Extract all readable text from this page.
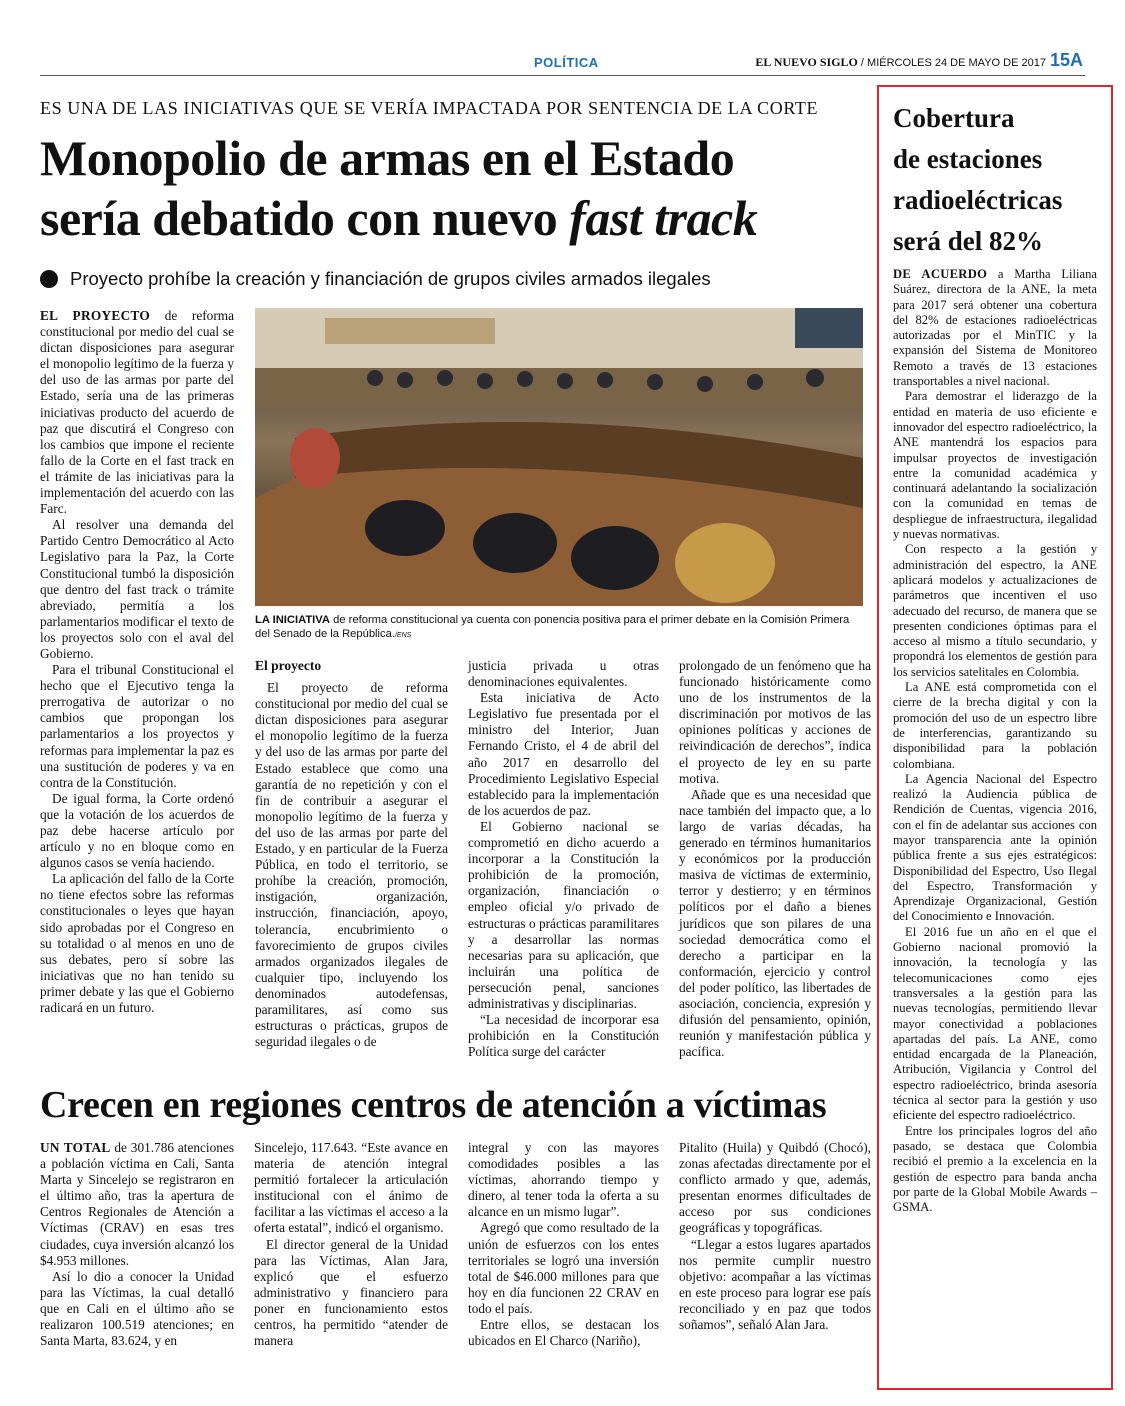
POLÍTICA	EL NUEVO SIGLO / MIÉRCOLES 24 DE MAYO DE 2017 15A
ES UNA DE LAS INICIATIVAS QUE SE VERÍA IMPACTADA POR SENTENCIA DE LA CORTE
Monopolio de armas en el Estado
sería debatido con nuevo fast track
Proyecto prohíbe la creación y financiación de grupos civiles armados ilegales

EL PROYECTO de reforma constitucional por medio del cual se dictan disposiciones para asegurar el monopolio legítimo de la fuerza y del uso de las armas por parte del Estado, sería una de las primeras iniciativas producto del acuerdo de paz que discutirá el Congreso con los cambios que impone el reciente fallo de la Corte en el fast track en el trámite de las iniciativas para la implementación del acuerdo con las Farc.

Al resolver una demanda del Partido Centro Democrático al Acto Legislativo para la Paz, la Corte Constitucional tumbó la disposición que dentro del fast track o trámite abreviado, permitía a los parlamentarios modificar el texto de los proyectos solo con el aval del Gobierno.

Para el tribunal Constitucional el hecho que el Ejecutivo tenga la prerrogativa de autorizar o no cambios que propongan los parlamentarios a los proyectos y reformas para implementar la paz es una sustitución de poderes y va en contra de la Constitución.

De igual forma, la Corte ordenó que la votación de los acuerdos de paz debe hacerse artículo por artículo y no en bloque como en algunos casos se venía haciendo.

La aplicación del fallo de la Corte no tiene efectos sobre las reformas constitucionales o leyes que hayan sido aprobadas por el Congreso en su totalidad o al menos en uno de sus debates, pero sí sobre las iniciativas que no han tenido su primer debate y las que el Gobierno radicará en un futuro.

LA INICIATIVA de reforma constitucional ya cuenta con ponencia positiva para el primer debate en la Comisión Primera del Senado de la República./ENS
El proyecto

El proyecto de reforma constitucional por medio del cual se dictan disposiciones para asegurar el monopolio legítimo de la fuerza y del uso de las armas por parte del Estado establece que como una garantía de no repetición y con el fin de contribuir a asegurar el monopolio legítimo de la fuerza y del uso de las armas por parte del Estado, y en particular de la Fuerza Pública, en todo el territorio, se prohíbe la creación, promoción, instigación, organización, instrucción, financiación, apoyo, tolerancia, encubrimiento o favorecimiento de grupos civiles armados organizados ilegales de cualquier tipo, incluyendo los denominados autodefensas, paramilitares, así como sus estructuras o prácticas, grupos de seguridad ilegales o de

justicia privada u otras denominaciones equivalentes.

Esta iniciativa de Acto Legislativo fue presentada por el ministro del Interior, Juan Fernando Cristo, el 4 de abril del año 2017 en desarrollo del Procedimiento Legislativo Especial establecido para la implementación de los acuerdos de paz.

El Gobierno nacional se comprometió en dicho acuerdo a incorporar a la Constitución la prohibición de la promoción, organización, financiación o empleo oficial y/o privado de estructuras o prácticas paramilitares y a desarrollar las normas necesarias para su aplicación, que incluirán una política de persecución penal, sanciones administrativas y disciplinarias.

“La necesidad de incorporar esa prohibición en la Constitución Política surge del carácter

prolongado de un fenómeno que ha funcionado históricamente como uno de los instrumentos de la discriminación por motivos de las opiniones políticas y acciones de reivindicación de derechos”, indica el proyecto de ley en su parte motiva.

Añade que es una necesidad que nace también del impacto que, a lo largo de varias décadas, ha generado en términos humanitarios y económicos por la producción masiva de víctimas de exterminio, terror y destierro; y en términos políticos por el daño a bienes jurídicos que son pilares de una sociedad democrática como el derecho a participar en la conformación, ejercicio y control del poder político, las libertades de asociación, conciencia, expresión y difusión del pensamiento, opinión, reunión y manifestación pública y pacífica.

Crecen en regiones centros de atención a víctimas

UN TOTAL de 301.786 atenciones a población víctima en Cali, Santa Marta y Sincelejo se registraron en el último año, tras la apertura de Centros Regionales de Atención a Víctimas (CRAV) en esas tres ciudades, cuya inversión alcanzó los $4.953 millones.

Así lo dio a conocer la Unidad para las Víctimas, la cual detalló que en Cali en el último año se realizaron 100.519 atenciones; en Santa Marta, 83.624, y en

Sincelejo, 117.643. “Este avance en materia de atención integral permitió fortalecer la articulación institucional con el ánimo de facilitar a las víctimas el acceso a la oferta estatal”, indicó el organismo.

El director general de la Unidad para las Víctimas, Alan Jara, explicó que el esfuerzo administrativo y financiero para poner en funcionamiento estos centros, ha permitido “atender de manera

integral y con las mayores comodidades posibles a las víctimas, ahorrando tiempo y dinero, al tener toda la oferta a su alcance en un mismo lugar”.

Agregó que como resultado de la unión de esfuerzos con los entes territoriales se logró una inversión total de $46.000 millones para que hoy en día funcionen 22 CRAV en todo el país.

Entre ellos, se destacan los ubicados en El Charco (Nariño),

Pitalito (Huila) y Quibdó (Chocó), zonas afectadas directamente por el conflicto armado y que, además, presentan enormes dificultades de acceso por sus condiciones geográficas y topográficas.

“Llegar a estos lugares apartados nos permite cumplir nuestro objetivo: acompañar a las víctimas en este proceso para lograr ese país reconciliado y en paz que todos soñamos”, señaló Alan Jara.

Cobertura
de estaciones
radioeléctricas
será del 82%

DE ACUERDO a Martha Liliana Suárez, directora de la ANE, la meta para 2017 será obtener una cobertura del 82% de estaciones radioeléctricas autorizadas por el MinTIC y la expansión del Sistema de Monitoreo Remoto a través de 13 estaciones transportables a nivel nacional.

Para demostrar el liderazgo de la entidad en materia de uso eficiente e innovador del espectro radioeléctrico, la ANE mantendrá los espacios para impulsar proyectos de investigación entre la comunidad académica y continuará adelantando la socialización con la comunidad en temas de despliegue de infraestructura, ilegalidad y nuevas normativas.

Con respecto a la gestión y administración del espectro, la ANE aplicará modelos y actualizaciones de parámetros que incentiven el uso adecuado del recurso, de manera que se presenten condiciones óptimas para el acceso al mismo a título secundario, y propondrá los elementos de gestión para los servicios satelitales en Colombia.

La ANE está comprometida con el cierre de la brecha digital y con la promoción del uso de un espectro libre de interferencias, garantizando su disponibilidad para la población colombiana.

La Agencia Nacional del Espectro realizó la Audiencia pública de Rendición de Cuentas, vigencia 2016, con el fin de adelantar sus acciones con mayor transparencia ante la opinión pública frente a sus ejes estratégicos: Disponibilidad del Espectro, Uso Ilegal del Espectro, Transformación y Aprendizaje Organizacional, Gestión del Conocimiento e Innovación.

El 2016 fue un año en el que el Gobierno nacional promovió la innovación, la tecnología y las telecomunicaciones como ejes transversales a la gestión para las nuevas tecnologías, permitiendo llevar mayor conectividad a poblaciones apartadas del país. La ANE, como entidad encargada de la Planeación, Atribución, Vigilancia y Control del espectro radioeléctrico, brinda asesoría técnica al sector para la gestión y uso eficiente del espectro radioeléctrico.

Entre los principales logros del año pasado, se destaca que Colombia recibió el premio a la excelencia en la gestión de espectro para banda ancha por parte de la Global Mobile Awards –GSMA.
